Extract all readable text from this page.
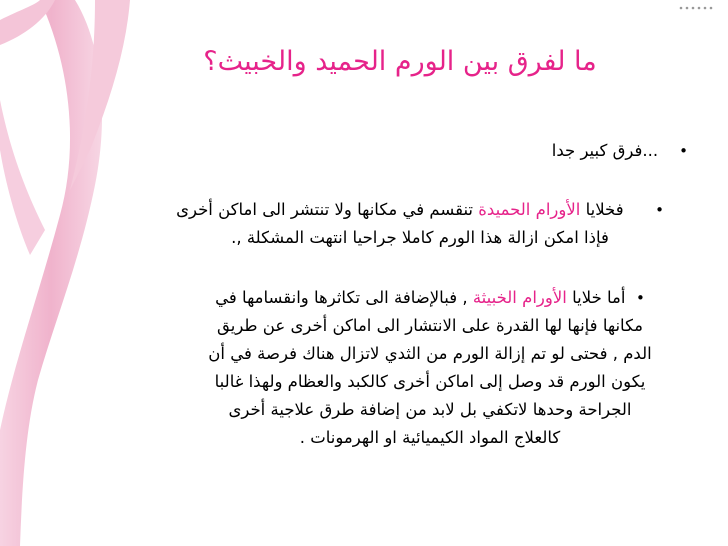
ما لفرق بين الورم الحميد والخبيث؟
•    ...فرق كبير جدا
•      فخلايا الأورام الحميدة تنقسم في مكانها ولا تنتشر الى اماكن أخرى
فإذا امكن ازالة هذا الورم كاملا جراحيا انتهت المشكلة ,.
•  أما خلايا الأورام الخبيثة , فبالإضافة الى تكاثرها وانقسامها في
مكانها فإنها لها القدرة على الانتشار الى اماكن أخرى عن طريق
الدم , فحتى لو تم إزالة الورم من الثدي لاتزال هناك فرصة في أن
يكون الورم قد وصل إلى اماكن أخرى كالكبد والعظام ولهذا غالبا
الجراحة وحدها لاتكفي بل لابد من إضافة طرق علاجية أخرى
كالعلاج المواد الكيميائية او الهرمونات .
